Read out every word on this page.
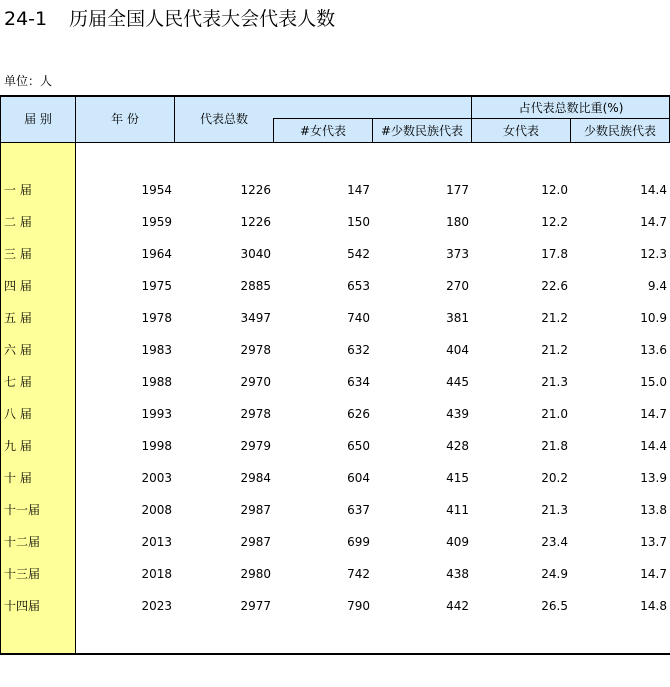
24-1 历届全国人民代表大会代表人数
单位：人
届 别	年 份	代表总数
#女代表	#少数民族代表
占代表总数比重(%)
女代表	少数民族代表
一 届	1954	1226	147	177	12.0	14.4
二 届	1959	1226	150	180	12.2	14.7
三 届	1964	3040	542	373	17.8	12.3
四 届	1975	2885	653	270	22.6	9.4
五 届	1978	3497	740	381	21.2	10.9
六 届	1983	2978	632	404	21.2	13.6
七 届	1988	2970	634	445	21.3	15.0
八 届	1993	2978	626	439	21.0	14.7
九 届	1998	2979	650	428	21.8	14.4
十 届	2003	2984	604	415	20.2	13.9
十一届	2008	2987	637	411	21.3	13.8
十二届	2013	2987	699	409	23.4	13.7
十三届	2018	2980	742	438	24.9	14.7
十四届	2023	2977	790	442	26.5	14.8
